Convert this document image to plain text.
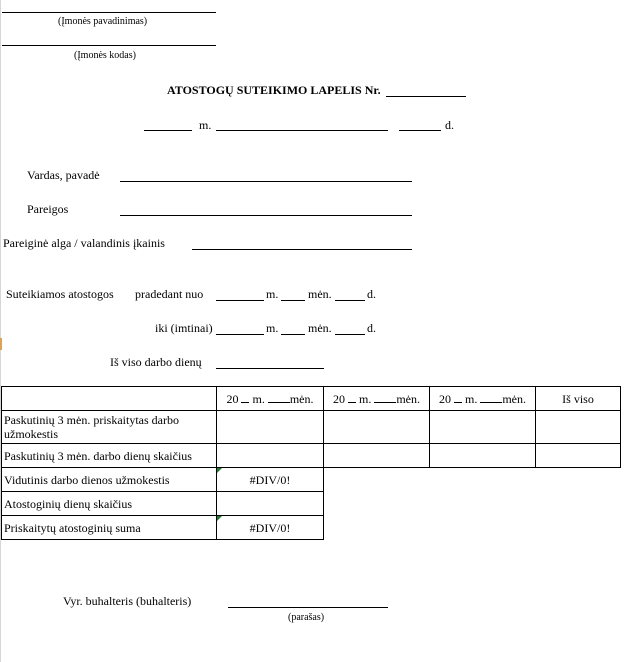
(Įmonės pavadinimas)
(Įmonės kodas)
ATOSTOGŲ SUTEIKIMO LAPELIS Nr.
m.	d.
Vardas, pavadė
Pareigos
Pareiginė alga / valandinis įkainis
Suteikiamos atostogos pradedant nuo	m. mėn.	d.
iki (imtinai)	m. mėn.	d.
Iš viso darbo dienų
	20 m. mėn.	20 m. mėn.	20 m. mėn.	Iš viso
Paskutinių 3 mėn. priskaitytas darbo užmokestis				
Paskutinių 3 mėn. darbo dienų skaičius				
Vidutinis darbo dienos užmokestis	#DIV/0!			
Atostoginių dienų skaičius				
Priskaitytų atostoginių suma	#DIV/0!			
Vyr. buhalteris (buhalteris)
(parašas)
